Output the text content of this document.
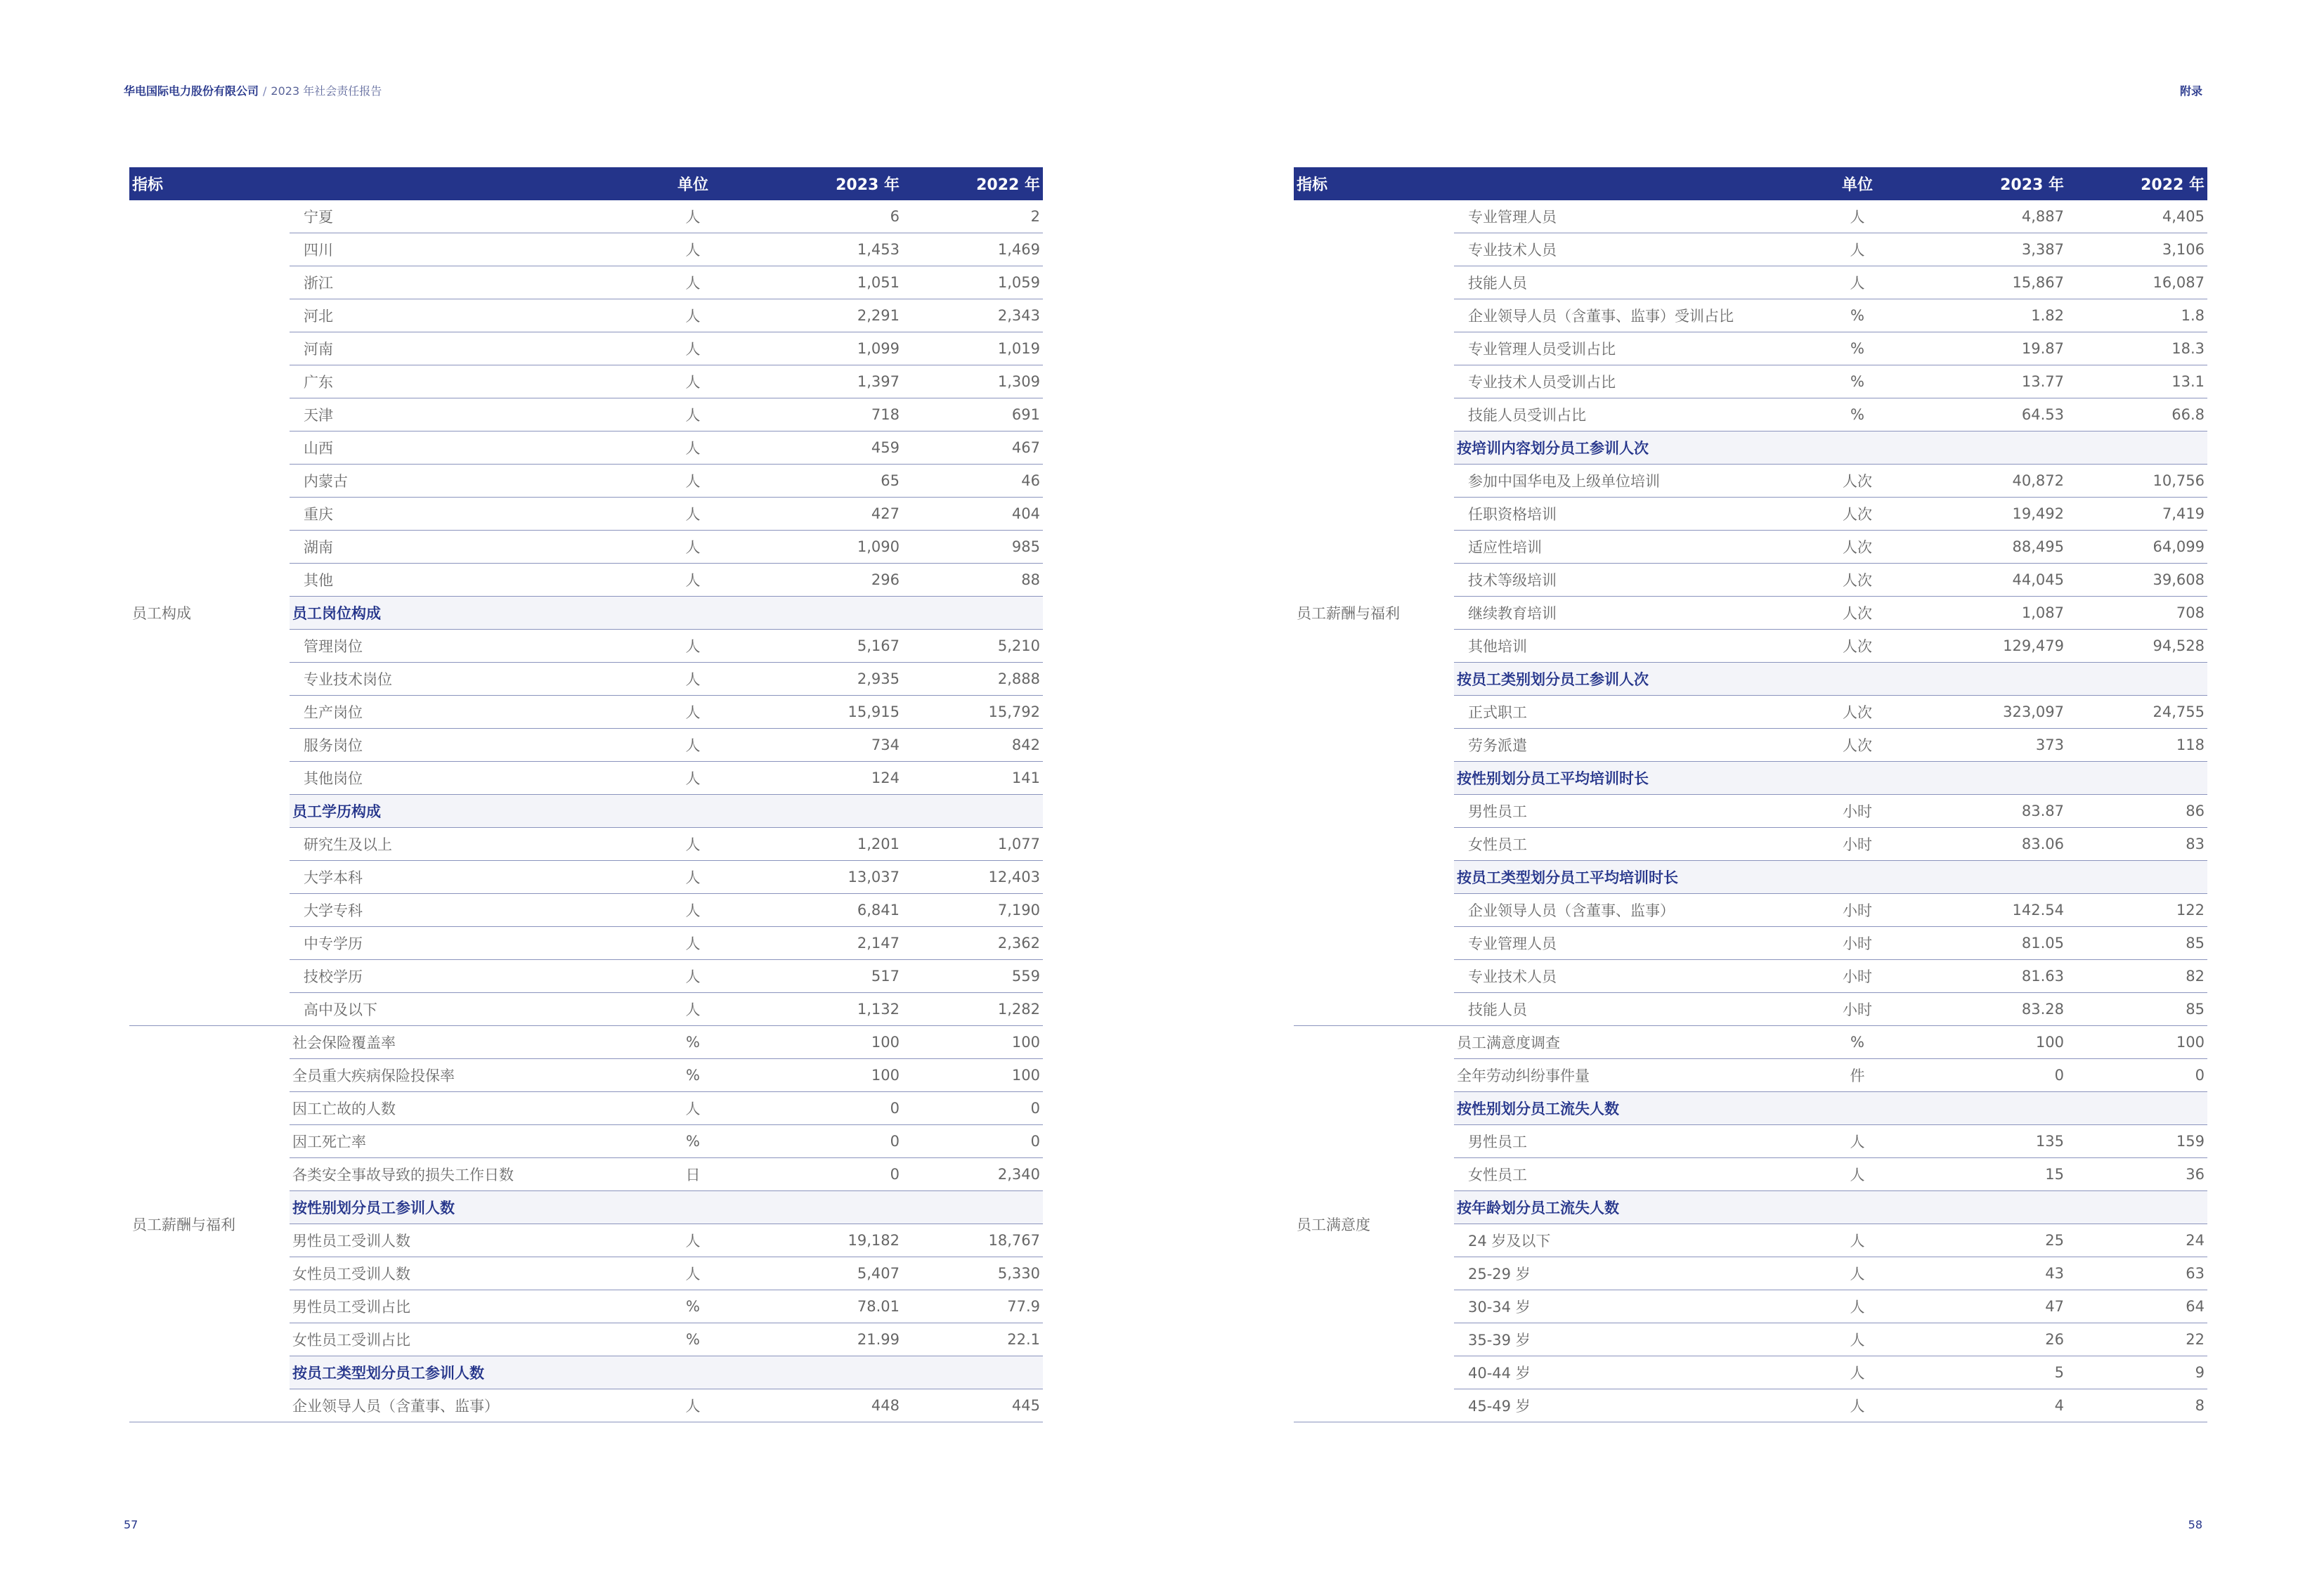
华电国际电力股份有限公司 / 2023 年社会责任报告	附录
指标		单位	2023 年	2022 年
员工构成	宁夏	人	6	2
	四川	人	1,453	1,469
	浙江	人	1,051	1,059
	河北	人	2,291	2,343
	河南	人	1,099	1,019
	广东	人	1,397	1,309
	天津	人	718	691
	山西	人	459	467
	内蒙古	人	65	46
	重庆	人	427	404
	湖南	人	1,090	985
	其他	人	296	88
	员工岗位构成			
	管理岗位	人	5,167	5,210
	专业技术岗位	人	2,935	2,888
	生产岗位	人	15,915	15,792
	服务岗位	人	734	842
	其他岗位	人	124	141
	员工学历构成			
	研究生及以上	人	1,201	1,077
	大学本科	人	13,037	12,403
	大学专科	人	6,841	7,190
	中专学历	人	2,147	2,362
	技校学历	人	517	559
	高中及以下	人	1,132	1,282
员工薪酬与福利	社会保险覆盖率	%	100	100
	全员重大疾病保险投保率	%	100	100
	因工亡故的人数	人	0	0
	因工死亡率	%	0	0
	各类安全事故导致的损失工作日数	日	0	2,340
	按性别划分员工参训人数			
	男性员工受训人数	人	19,182	18,767
	女性员工受训人数	人	5,407	5,330
	男性员工受训占比	%	78.01	77.9
	女性员工受训占比	%	21.99	22.1
	按员工类型划分员工参训人数			
	企业领导人员（含董事、监事）	人	448	445
指标		单位	2023 年	2022 年
员工薪酬与福利	专业管理人员	人	4,887	4,405
	专业技术人员	人	3,387	3,106
	技能人员	人	15,867	16,087
	企业领导人员（含董事、监事）受训占比	%	1.82	1.8
	专业管理人员受训占比	%	19.87	18.3
	专业技术人员受训占比	%	13.77	13.1
	技能人员受训占比	%	64.53	66.8
	按培训内容划分员工参训人次			
	参加中国华电及上级单位培训	人次	40,872	10,756
	任职资格培训	人次	19,492	7,419
	适应性培训	人次	88,495	64,099
	技术等级培训	人次	44,045	39,608
	继续教育培训	人次	1,087	708
	其他培训	人次	129,479	94,528
	按员工类别划分员工参训人次			
	正式职工	人次	323,097	24,755
	劳务派遣	人次	373	118
	按性别划分员工平均培训时长			
	男性员工	小时	83.87	86
	女性员工	小时	83.06	83
	按员工类型划分员工平均培训时长			
	企业领导人员（含董事、监事）	小时	142.54	122
	专业管理人员	小时	81.05	85
	专业技术人员	小时	81.63	82
	技能人员	小时	83.28	85
员工满意度	员工满意度调查	%	100	100
	全年劳动纠纷事件量	件	0	0
	按性别划分员工流失人数			
	男性员工	人	135	159
	女性员工	人	15	36
	按年龄划分员工流失人数			
	24 岁及以下	人	25	24
	25-29 岁	人	43	63
	30-34 岁	人	47	64
	35-39 岁	人	26	22
	40-44 岁	人	5	9
	45-49 岁	人	4	8
57	58
